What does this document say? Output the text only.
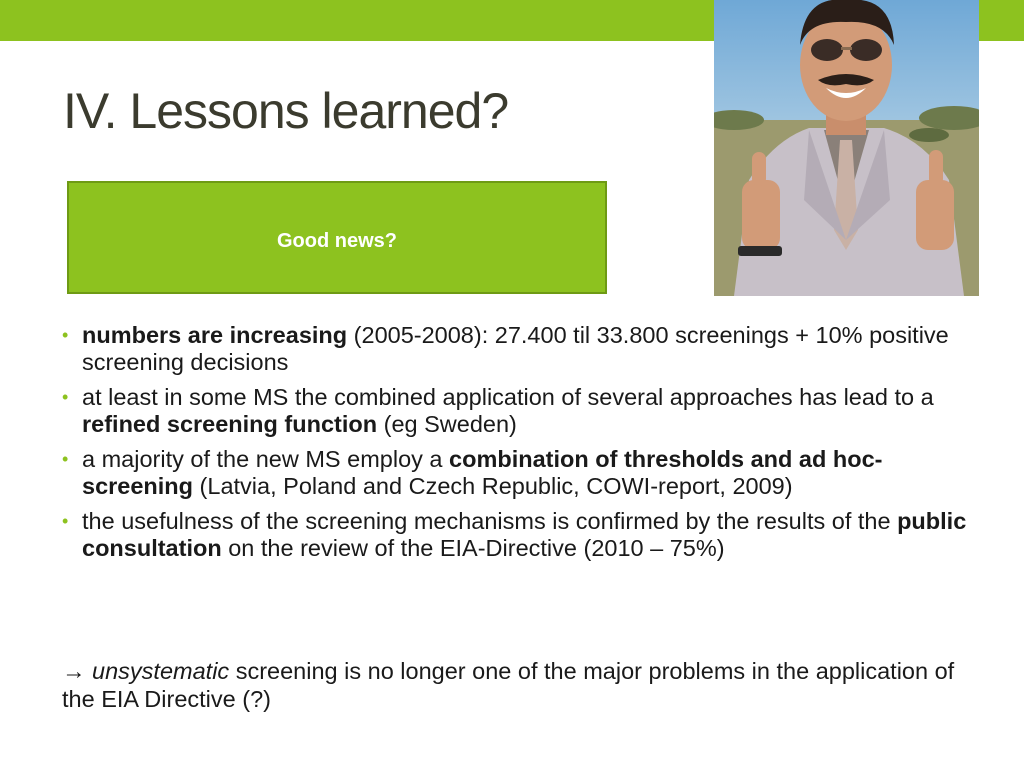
IV. Lessons learned?
Good news?
• numbers are increasing (2005-2008): 27.400 til 33.800 screenings + 10% positive screening decisions
• at least in some MS the combined application of several approaches has lead to a refined screening function (eg Sweden)
• a majority of the new MS employ a combination of thresholds and ad hoc-screening (Latvia, Poland and Czech Republic, COWI-report, 2009)
• the usefulness of the screening mechanisms is confirmed by the results of the public consultation on the review of the EIA-Directive (2010 – 75%)
→ unsystematic screening is no longer one of the major problems in the application of the EIA Directive (?)
